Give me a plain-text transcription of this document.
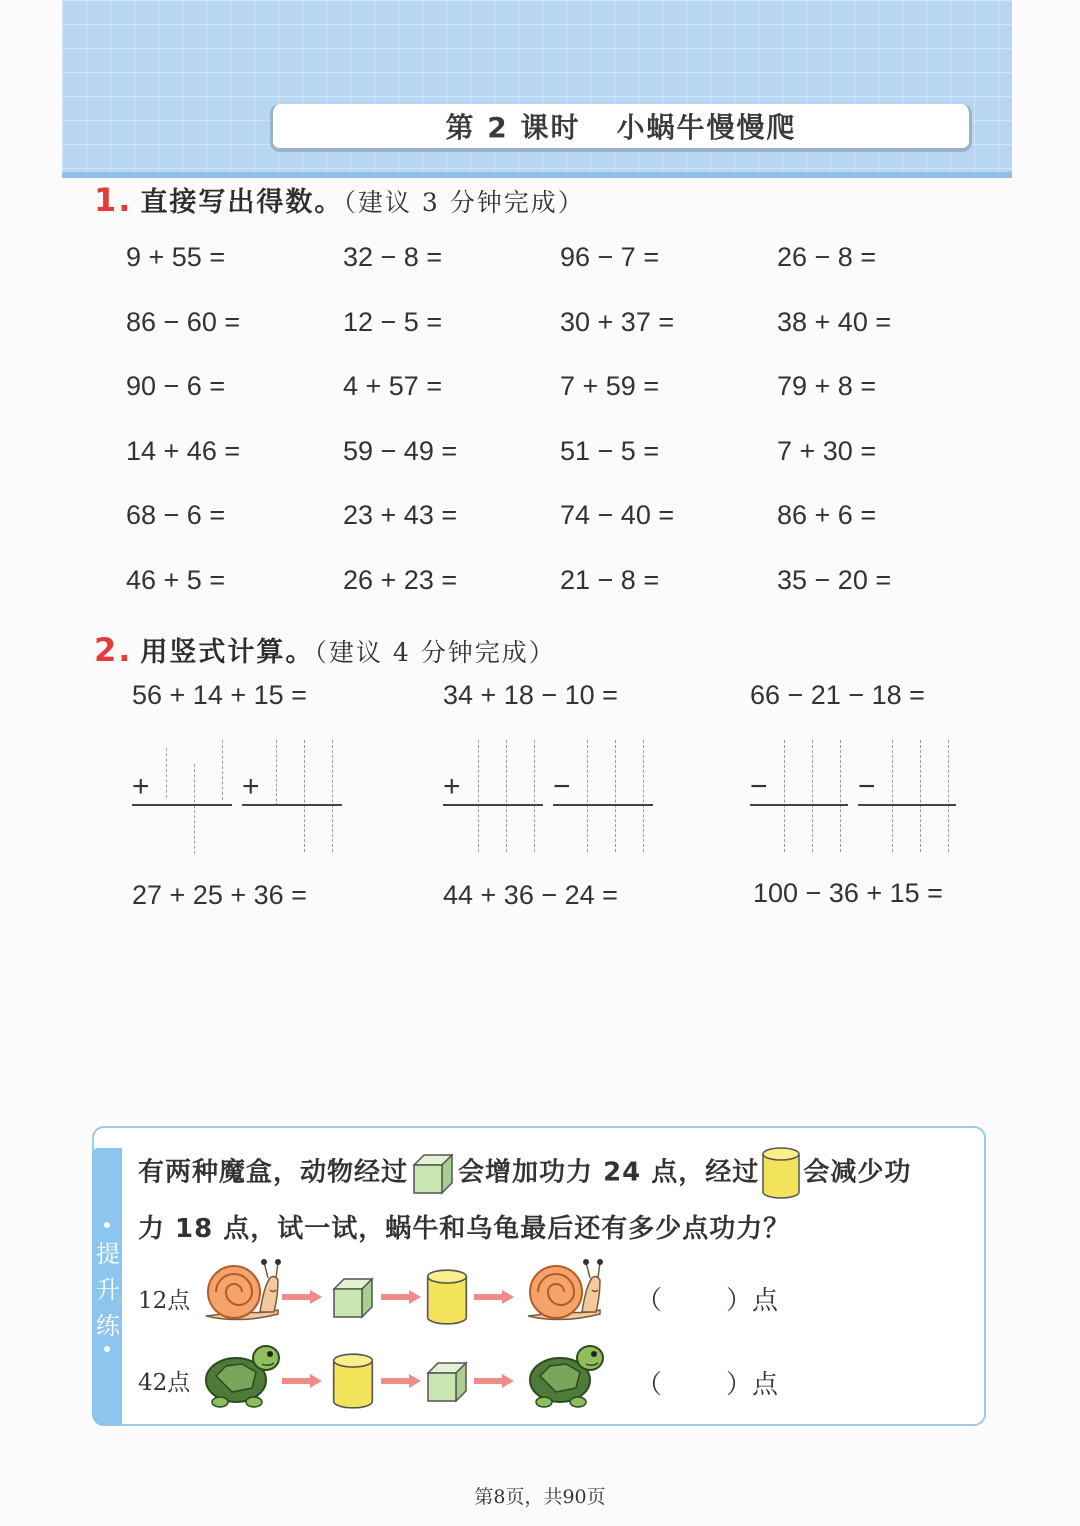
第 2 课时 小蜗牛慢慢爬
1. 直接写出得数。（建议 3 分钟完成）
9 + 55 =	32 − 8 =	96 − 7 =	26 − 8 =
86 − 60 =	12 − 5 =	30 + 37 =	38 + 40 =
90 − 6 =	4 + 57 =	7 + 59 =	79 + 8 =
14 + 46 =	59 − 49 =	51 − 5 =	7 + 30 =
68 − 6 =	23 + 43 =	74 − 40 =	86 + 6 =
46 + 5 =	26 + 23 =	21 − 8 =	35 − 20 =
2. 用竖式计算。（建议 4 分钟完成）
56 + 14 + 15 =	34 + 18 − 10 =	66 − 21 − 18 =
+	+	+	−	−	−
27 + 25 + 36 =	44 + 36 − 24 =	100 − 36 + 15 =
提升练
有两种魔盒，动物经过 会增加功力 24 点，经过 会减少功
力 18 点，试一试，蜗牛和乌龟最后还有多少点功力？
12点	（ ）点
42点	（ ）点
第8页，共90页
